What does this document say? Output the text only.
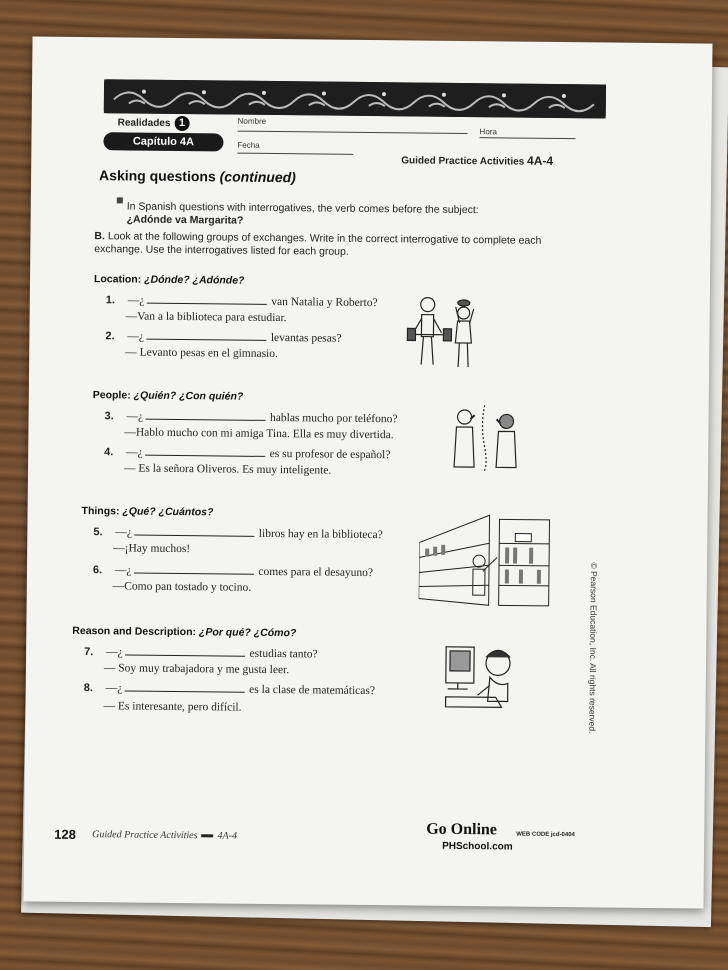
Realidades 1
Capítulo 4A
Nombre
Hora
Fecha
Guided Practice Activities 4A-4
Asking questions (continued)
In Spanish questions with interrogatives, the verb comes before the subject:
¿Adónde va Margarita?
B. Look at the following groups of exchanges. Write in the correct interrogative to complete each exchange. Use the interrogatives listed for each group.
Location: ¿Dónde? ¿Adónde?
1. —¿	van Natalia y Roberto?
—Van a la biblioteca para estudiar.
2. —¿	levantas pesas?
— Levanto pesas en el gimnasio.
People: ¿Quién? ¿Con quién?
3. —¿	hablas mucho por teléfono?
—Hablo mucho con mi amiga Tina. Ella es muy divertida.
4. —¿	es su profesor de español?
— Es la señora Oliveros. Es muy inteligente.
Things: ¿Qué? ¿Cuántos?
5. —¿	libros hay en la biblioteca?
—¡Hay muchos!
6. —¿	comes para el desayuno?
—Como pan tostado y tocino.
Reason and Description: ¿Por qué? ¿Cómo?
7. —¿	estudias tanto?
— Soy muy trabajadora y me gusta leer.
8. —¿	es la clase de matemáticas?
— Es interesante, pero difícil.	© Pearson Education, Inc. All rights reserved.
128 Guided Practice Activities 4A-4	Go Online	WEB CODE jcd-0404
PHSchool.com
